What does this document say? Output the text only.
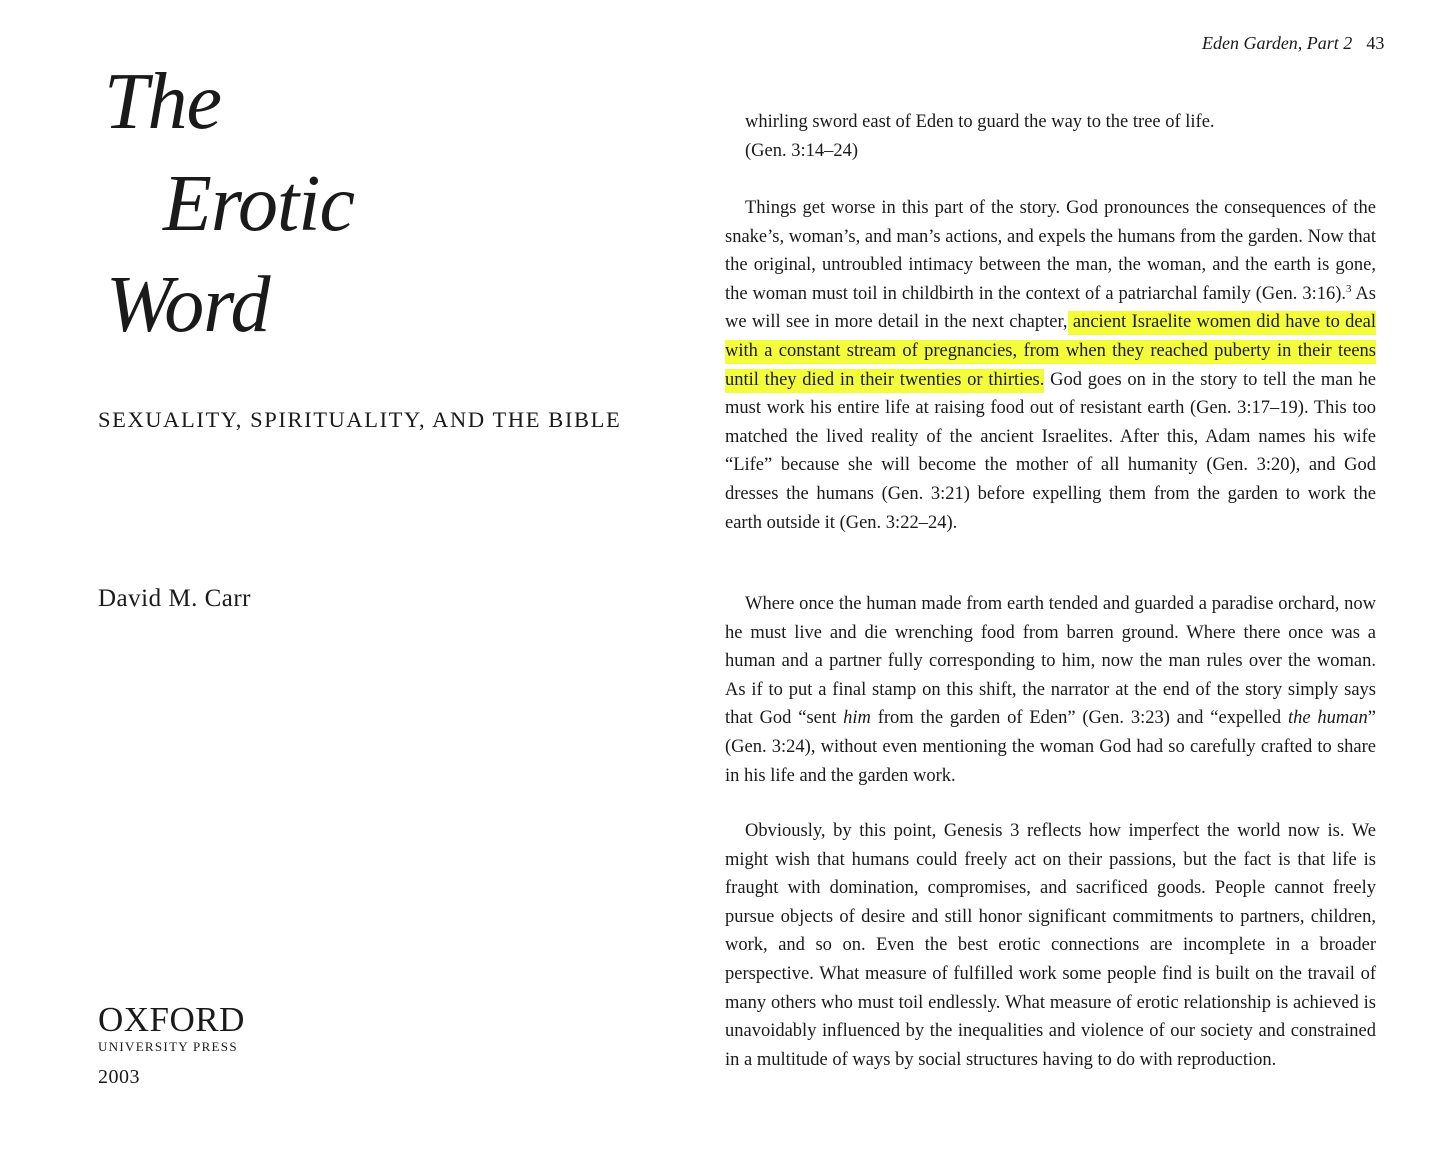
The
Erotic
Word
SEXUALITY, SPIRITUALITY, AND THE BIBLE

David M. Carr

OXFORD
UNIVERSITY PRESS

2003

Eden Garden, Part 2 43

whirling sword east of Eden to guard the way to the tree of life.
(Gen. 3:14–24)

Things get worse in this part of the story. God pronounces the consequences of the snake’s, woman’s, and man’s actions, and expels the humans from the garden. Now that the original, untroubled intimacy between the man, the woman, and the earth is gone, the woman must toil in childbirth in the context of a patriarchal family (Gen. 3:16).$^3$ As we will see in more detail in the next chapter, ancient Israelite women did have to deal with a constant stream of pregnancies, from when they reached puberty in their teens until they died in their twenties or thirties. God goes on in the story to tell the man he must work his entire life at raising food out of resistant earth (Gen. 3:17–19). This too matched the lived reality of the ancient Israelites. After this, Adam names his wife “Life” because she will become the mother of all humanity (Gen. 3:20), and God dresses the humans (Gen. 3:21) before expelling them from the garden to work the earth outside it (Gen. 3:22–24).

Where once the human made from earth tended and guarded a paradise orchard, now he must live and die wrenching food from barren ground. Where there once was a human and a partner fully corresponding to him, now the man rules over the woman. As if to put a final stamp on this shift, the narrator at the end of the story simply says that God “sent him from the garden of Eden” (Gen. 3:23) and “expelled the human” (Gen. 3:24), without even mentioning the woman God had so carefully crafted to share in his life and the garden work.

Obviously, by this point, Genesis 3 reflects how imperfect the world now is. We might wish that humans could freely act on their passions, but the fact is that life is fraught with domination, compromises, and sacrificed goods. People cannot freely pursue objects of desire and still honor significant commitments to partners, children, work, and so on. Even the best erotic connections are incomplete in a broader perspective. What measure of fulfilled work some people find is built on the travail of many others who must toil endlessly. What measure of erotic relationship is achieved is unavoidably influenced by the inequalities and violence of our society and constrained in a multitude of ways by social structures having to do with reproduction.
